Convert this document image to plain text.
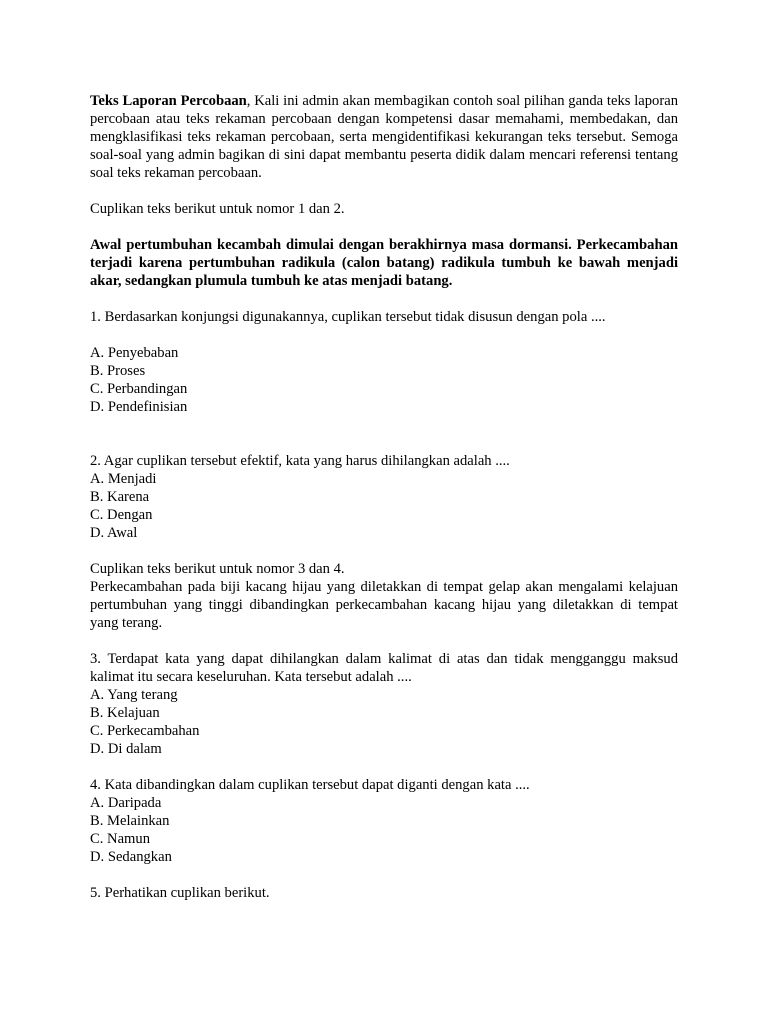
Teks Laporan Percobaan, Kali ini admin akan membagikan contoh soal pilihan ganda teks laporan percobaan atau teks rekaman percobaan dengan kompetensi dasar memahami, membedakan, dan mengklasifikasi teks rekaman percobaan, serta mengidentifikasi kekurangan teks tersebut. Semoga soal-soal yang admin bagikan di sini dapat membantu peserta didik dalam mencari referensi tentang soal teks rekaman percobaan.

Cuplikan teks berikut untuk nomor 1 dan 2.

Awal pertumbuhan kecambah dimulai dengan berakhirnya masa dormansi. Perkecambahan terjadi karena pertumbuhan radikula (calon batang) radikula tumbuh ke bawah menjadi akar, sedangkan plumula tumbuh ke atas menjadi batang.

1. Berdasarkan konjungsi digunakannya, cuplikan tersebut tidak disusun dengan pola ....

A. Penyebaban

B. Proses

C. Perbandingan

D. Pendefinisian

2. Agar cuplikan tersebut efektif, kata yang harus dihilangkan adalah ....

A. Menjadi

B. Karena

C. Dengan

D. Awal

Cuplikan teks berikut untuk nomor 3 dan 4.

Perkecambahan pada biji kacang hijau yang diletakkan di tempat gelap akan mengalami kelajuan pertumbuhan yang tinggi dibandingkan perkecambahan kacang hijau yang diletakkan di tempat yang terang.

3. Terdapat kata yang dapat dihilangkan dalam kalimat di atas dan tidak mengganggu maksud kalimat itu secara keseluruhan. Kata tersebut adalah ....

A. Yang terang

B. Kelajuan

C. Perkecambahan

D. Di dalam

4. Kata dibandingkan dalam cuplikan tersebut dapat diganti dengan kata ....

A. Daripada

B. Melainkan

C. Namun

D. Sedangkan

5. Perhatikan cuplikan berikut.
